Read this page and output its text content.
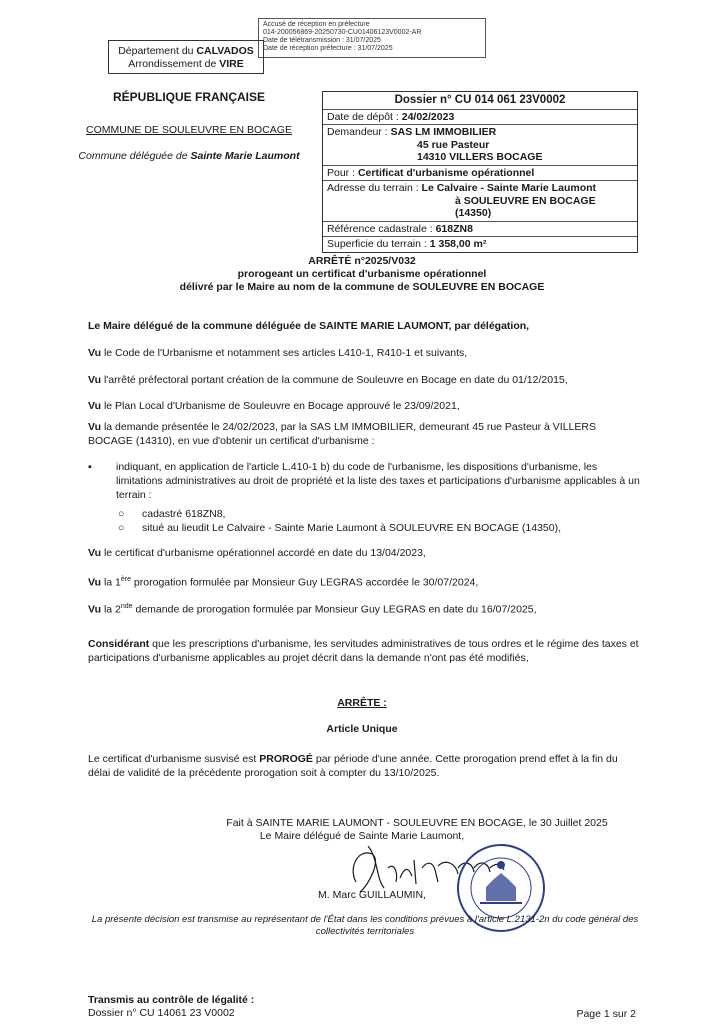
Accusé de réception en préfecture
014-200056869-20250730-CU01406123V0002-AR
Date de télétransmission : 31/07/2025
Date de réception préfecture : 31/07/2025
Département du CALVADOS
Arrondissement de VIRE
RÉPUBLIQUE FRANÇAISE
COMMUNE DE SOULEUVRE EN BOCAGE
Commune déléguée de Sainte Marie Laumont
Dossier n° CU 014 061 23V0002
Date de dépôt : 24/02/2023
Demandeur : SAS LM IMMOBILIER
45 rue Pasteur
14310 VILLERS BOCAGE
Pour : Certificat d'urbanisme opérationnel
Adresse du terrain : Le Calvaire - Sainte Marie Laumont
à SOULEUVRE EN BOCAGE (14350)
Référence cadastrale : 618ZN8
Superficie du terrain : 1 358,00 m²
ARRÊTÉ n°2025/V032
prorogeant un certificat d'urbanisme opérationnel
délivré par le Maire au nom de la commune de SOULEUVRE EN BOCAGE
Le Maire délégué de la commune déléguée de SAINTE MARIE LAUMONT, par délégation,
Vu le Code de l'Urbanisme et notamment ses articles L410-1, R410-1 et suivants,
Vu l'arrêté préfectoral portant création de la commune de Souleuvre en Bocage en date du 01/12/2015,
Vu le Plan Local d'Urbanisme de Souleuvre en Bocage approuvé le 23/09/2021,
Vu la demande présentée le 24/02/2023, par la SAS LM IMMOBILIER, demeurant 45 rue Pasteur à VILLERS BOCAGE (14310), en vue d'obtenir un certificat d'urbanisme :
▪	indiquant, en application de l'article L.410-1 b) du code de l'urbanisme, les dispositions d'urbanisme, les limitations administratives au droit de propriété et la liste des taxes et participations d'urbanisme applicables à un terrain :
○	cadastré 618ZN8,
○	situé au lieudit Le Calvaire - Sainte Marie Laumont à SOULEUVRE EN BOCAGE (14350),
Vu le certificat d'urbanisme opérationnel accordé en date du 13/04/2023,
Vu la 1ère prorogation formulée par Monsieur Guy LEGRAS accordée le 30/07/2024,
Vu la 2nde demande de prorogation formulée par Monsieur Guy LEGRAS en date du 16/07/2025,
Considérant que les prescriptions d'urbanisme, les servitudes administratives de tous ordres et le régime des taxes et participations d'urbanisme applicables au projet décrit dans la demande n'ont pas été modifiés,
ARRÊTE :
Article Unique
Le certificat d'urbanisme susvisé est PROROGÉ par période d'une année. Cette prorogation prend effet à la fin du délai de validité de la précédente prorogation soit à compter du 13/10/2025.
Fait à SAINTE MARIE LAUMONT - SOULEUVRE EN BOCAGE, le 30 Juillet 2025
Le Maire délégué de Sainte Marie Laumont,
M. Marc GUILLAUMIN,
La présente décision est transmise au représentant de l'État dans les conditions prévues à l'article L.2131-2n du code général des collectivités territoriales
Transmis au contrôle de légalité :
Dossier n° CU 14061 23 V0002	Page 1 sur 2
